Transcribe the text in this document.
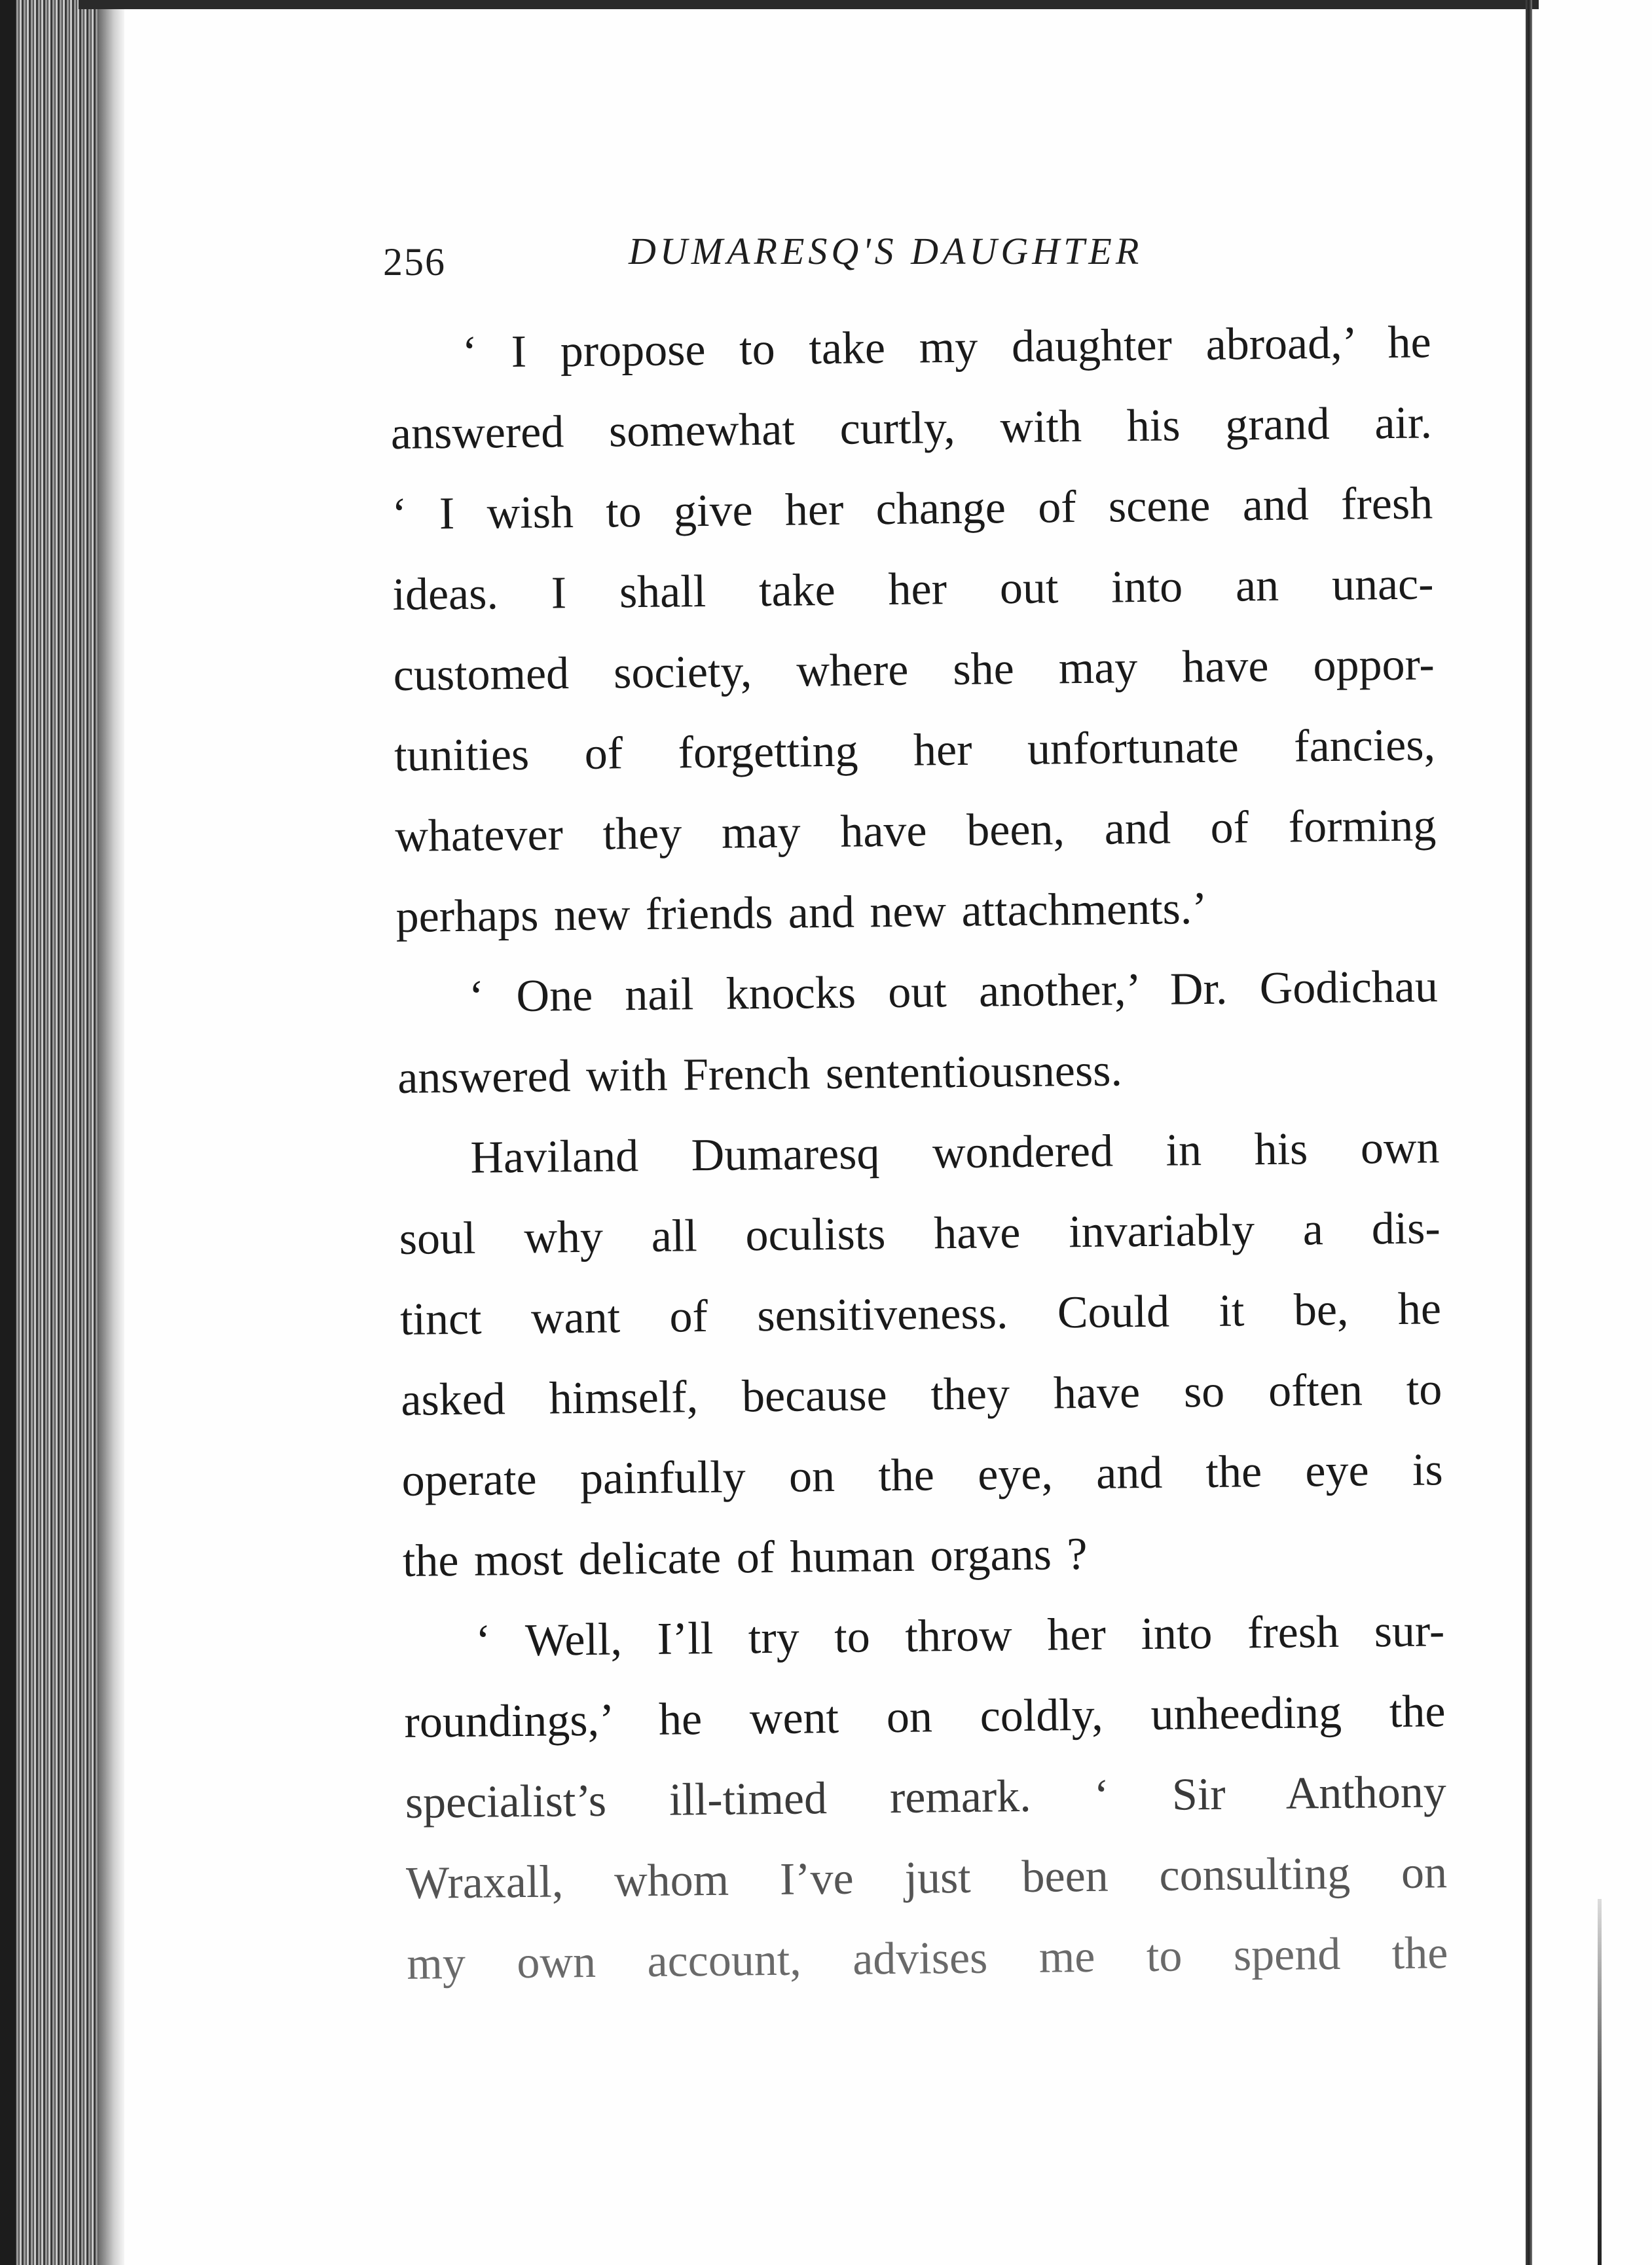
256	DUMARESQ'S DAUGHTER
‘ I propose to take my daughter abroad,’ he
answered somewhat curtly, with his grand air.
‘ I wish to give her change of scene and fresh
ideas. I shall take her out into an unac-
customed society, where she may have oppor-
tunities of forgetting her unfortunate fancies,
whatever they may have been, and of forming
perhaps new friends and new attachments.’
‘ One nail knocks out another,’ Dr. Godichau
answered with French sententiousness.
Haviland Dumaresq wondered in his own
soul why all oculists have invariably a dis-
tinct want of sensitiveness. Could it be, he
asked himself, because they have so often to
operate painfully on the eye, and the eye is
the most delicate of human organs ?
‘ Well, I’ll try to throw her into fresh sur-
roundings,’ he went on coldly, unheeding the
specialist’s ill-timed remark. ‘ Sir Anthony
Wraxall, whom I’ve just been consulting on
my own account, advises me to spend the
